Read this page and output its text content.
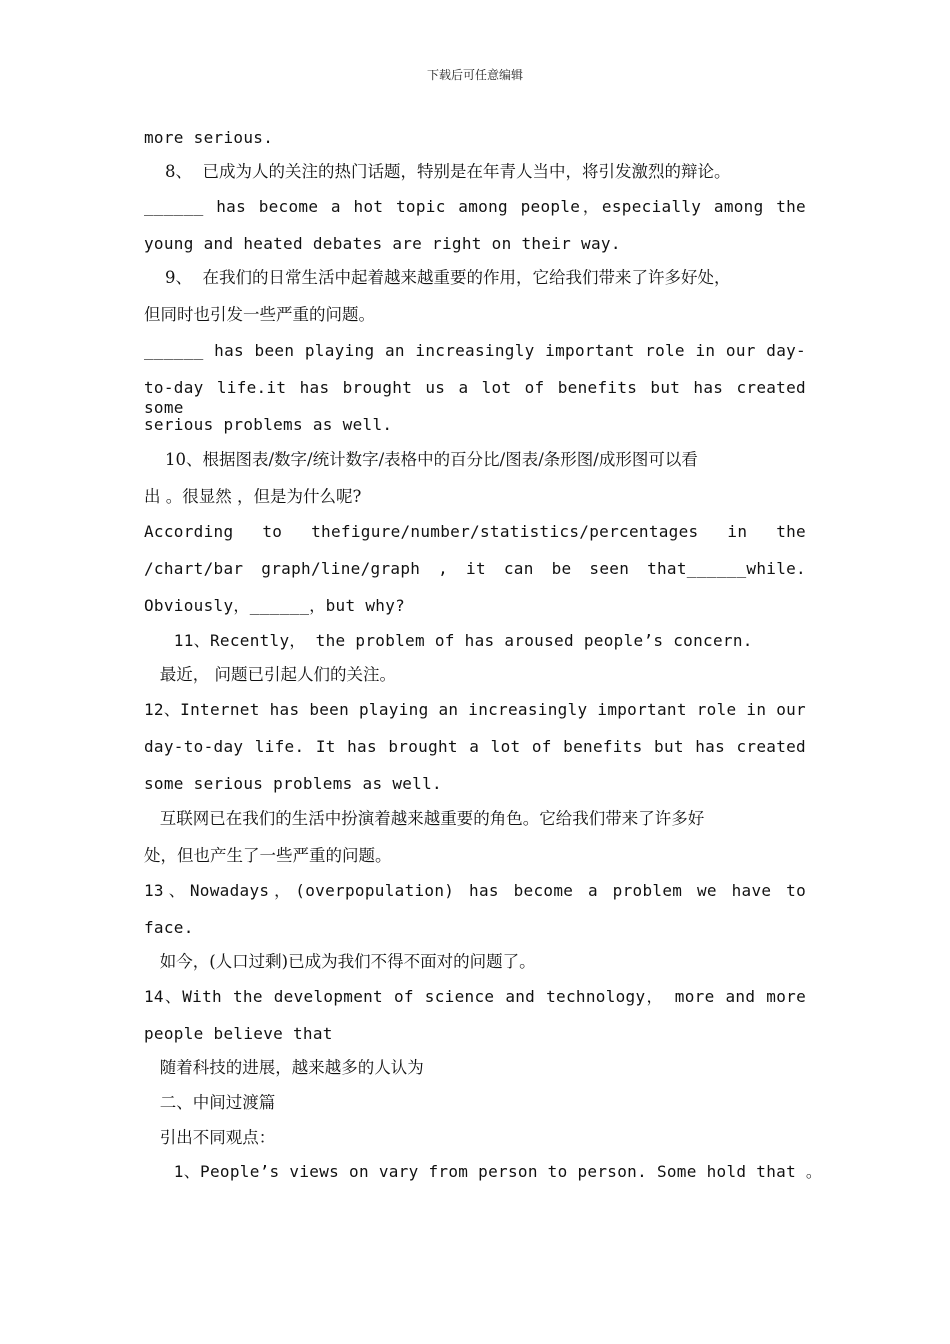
下载后可任意编辑
more serious.
8、  已成为人的关注的热门话题，特别是在年青人当中，将引发激烈的辩论。
______ has become a hot topic among people，especially among the
young and heated debates are right on their way.
9、  在我们的日常生活中起着越来越重要的作用，它给我们带来了许多好处，
但同时也引发一些严重的问题。
______ has been playing an increasingly important role in our day-
to-day life.it has brought us a lot of benefits but has created some
serious problems as well.
10、根据图表/数字/统计数字/表格中的百分比/图表/条形图/成形图可以看
出 。很显然 ，但是为什么呢?
According to thefigure/number/statistics/percentages in the
/chart/bar graph/line/graph , it can be seen that______while.
Obviously，______，but why?
11、Recently， the problem of has aroused people’s concern.
最近， 问题已引起人们的关注。
12、Internet has been playing an increasingly important role in our
day-to-day life. It has brought a lot of benefits but has created
some serious problems as well.
互联网已在我们的生活中扮演着越来越重要的角色。它给我们带来了许多好
处，但也产生了一些严重的问题。
13、Nowadays，(overpopulation) has become a problem we have to
face.
如今，(人口过剩)已成为我们不得不面对的问题了。
14、With the development of science and technology， more and more
people believe that
随着科技的进展，越来越多的人认为
二、中间过渡篇
引出不同观点：
1、People’s views on vary from person to person. Some hold that 。
